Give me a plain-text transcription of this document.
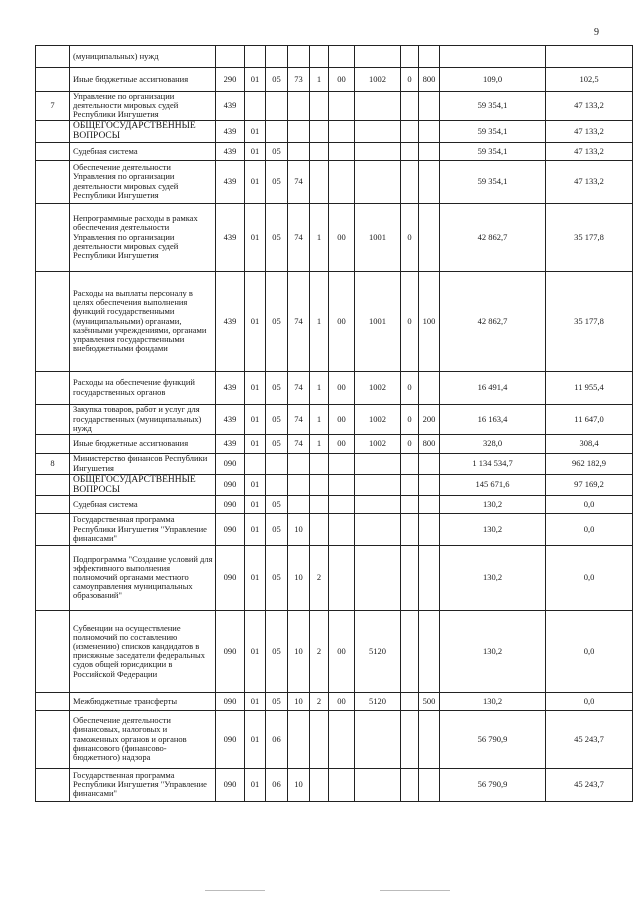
9
	(муниципальных) нужд											
	Иные бюджетные ассигнования	290	01	05	73	1	00	1002	0	800	109,0	102,5
7	Управление по организации деятельности мировых судей Республики Ингушетия	439									59 354,1	47 133,2
	ОБЩЕГОСУДАРСТВЕННЫЕ ВОПРОСЫ	439	01								59 354,1	47 133,2
	Судебная система	439	01	05							59 354,1	47 133,2
	Обеспечение деятельности Управления по организации деятельности мировых судей Республики Ингушетия	439	01	05	74						59 354,1	47 133,2
	Непрограммные расходы в рамках обеспечения деятельности Управления по организации деятельности мировых судей Республики Ингушетия	439	01	05	74	1	00	1001	0		42 862,7	35 177,8
	Расходы на выплаты персоналу в целях обеспечения выполнения функций государственными (муниципальными) органами, казёнными учреждениями, органами управления государственными внебюджетными фондами	439	01	05	74	1	00	1001	0	100	42 862,7	35 177,8
	Расходы на обеспечение функций государственных органов	439	01	05	74	1	00	1002	0		16 491,4	11 955,4
	Закупка товаров, работ и услуг для государственных (муниципальных) нужд	439	01	05	74	1	00	1002	0	200	16 163,4	11 647,0
	Иные бюджетные ассигнования	439	01	05	74	1	00	1002	0	800	328,0	308,4
8	Министерство финансов Республики Ингушетия	090									1 134 534,7	962 182,9
	ОБЩЕГОСУДАРСТВЕННЫЕ ВОПРОСЫ	090	01								145 671,6	97 169,2
	Судебная система	090	01	05							130,2	0,0
	Государственная программа Республики Ингушетия "Управление финансами"	090	01	05	10						130,2	0,0
	Подпрограмма "Создание условий для эффективного выполнения полномочий органами местного самоуправления муниципальных образований"	090	01	05	10	2					130,2	0,0
	Субвенции на осуществление полномочий по составлению (изменению) списков кандидатов в присяжные заседатели федеральных судов общей юрисдикции в Российской Федерации	090	01	05	10	2	00	5120			130,2	0,0
	Межбюджетные трансферты	090	01	05	10	2	00	5120		500	130,2	0,0
	Обеспечение деятельности финансовых, налоговых и таможенных органов и органов финансового (финансово-бюджетного) надзора	090	01	06							56 790,9	45 243,7
	Государственная программа Республики Ингушетия "Управление финансами"	090	01	06	10						56 790,9	45 243,7
